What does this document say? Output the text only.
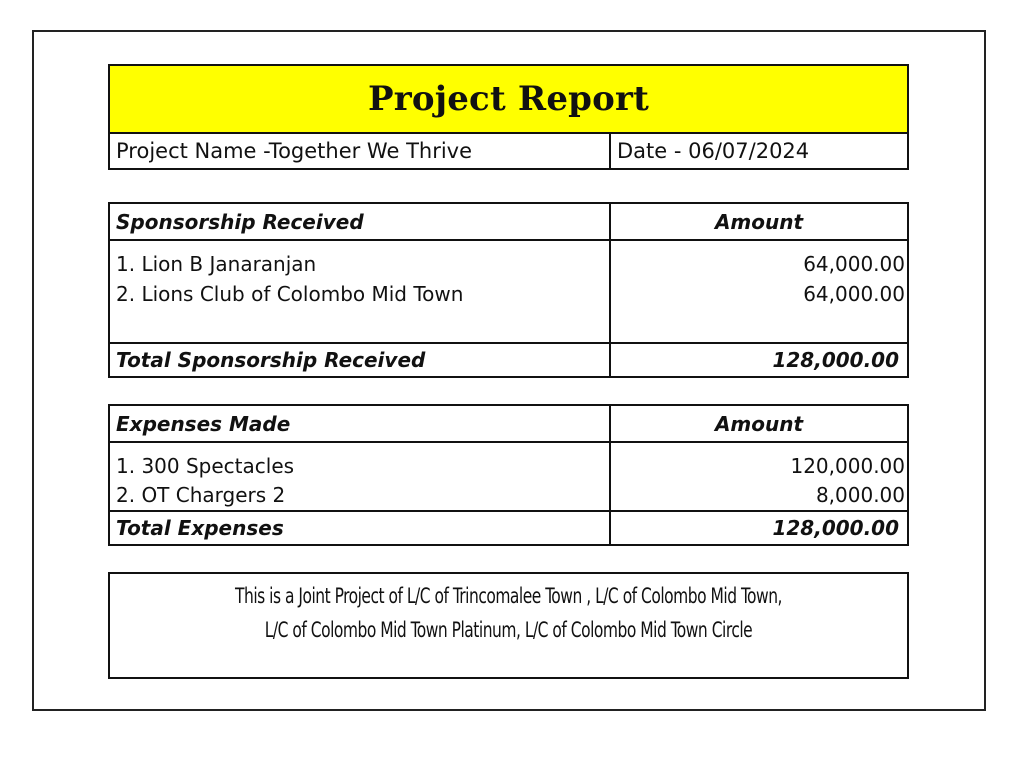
Project Report
Project Name -Together We Thrive	Date - 06/07/2024
Sponsorship Received	Amount
1. Lion B Janaranjan	64,000.00
2. Lions Club of Colombo Mid Town	64,000.00

Total Sponsorship Received	128,000.00
Expenses Made	Amount
1. 300 Spectacles	120,000.00
2. OT Chargers 2	8,000.00
Total Expenses	128,000.00

This is a Joint Project of L/C of Trincomalee Town , L/C of Colombo Mid Town,

L/C of Colombo Mid Town Platinum, L/C of Colombo Mid Town Circle
